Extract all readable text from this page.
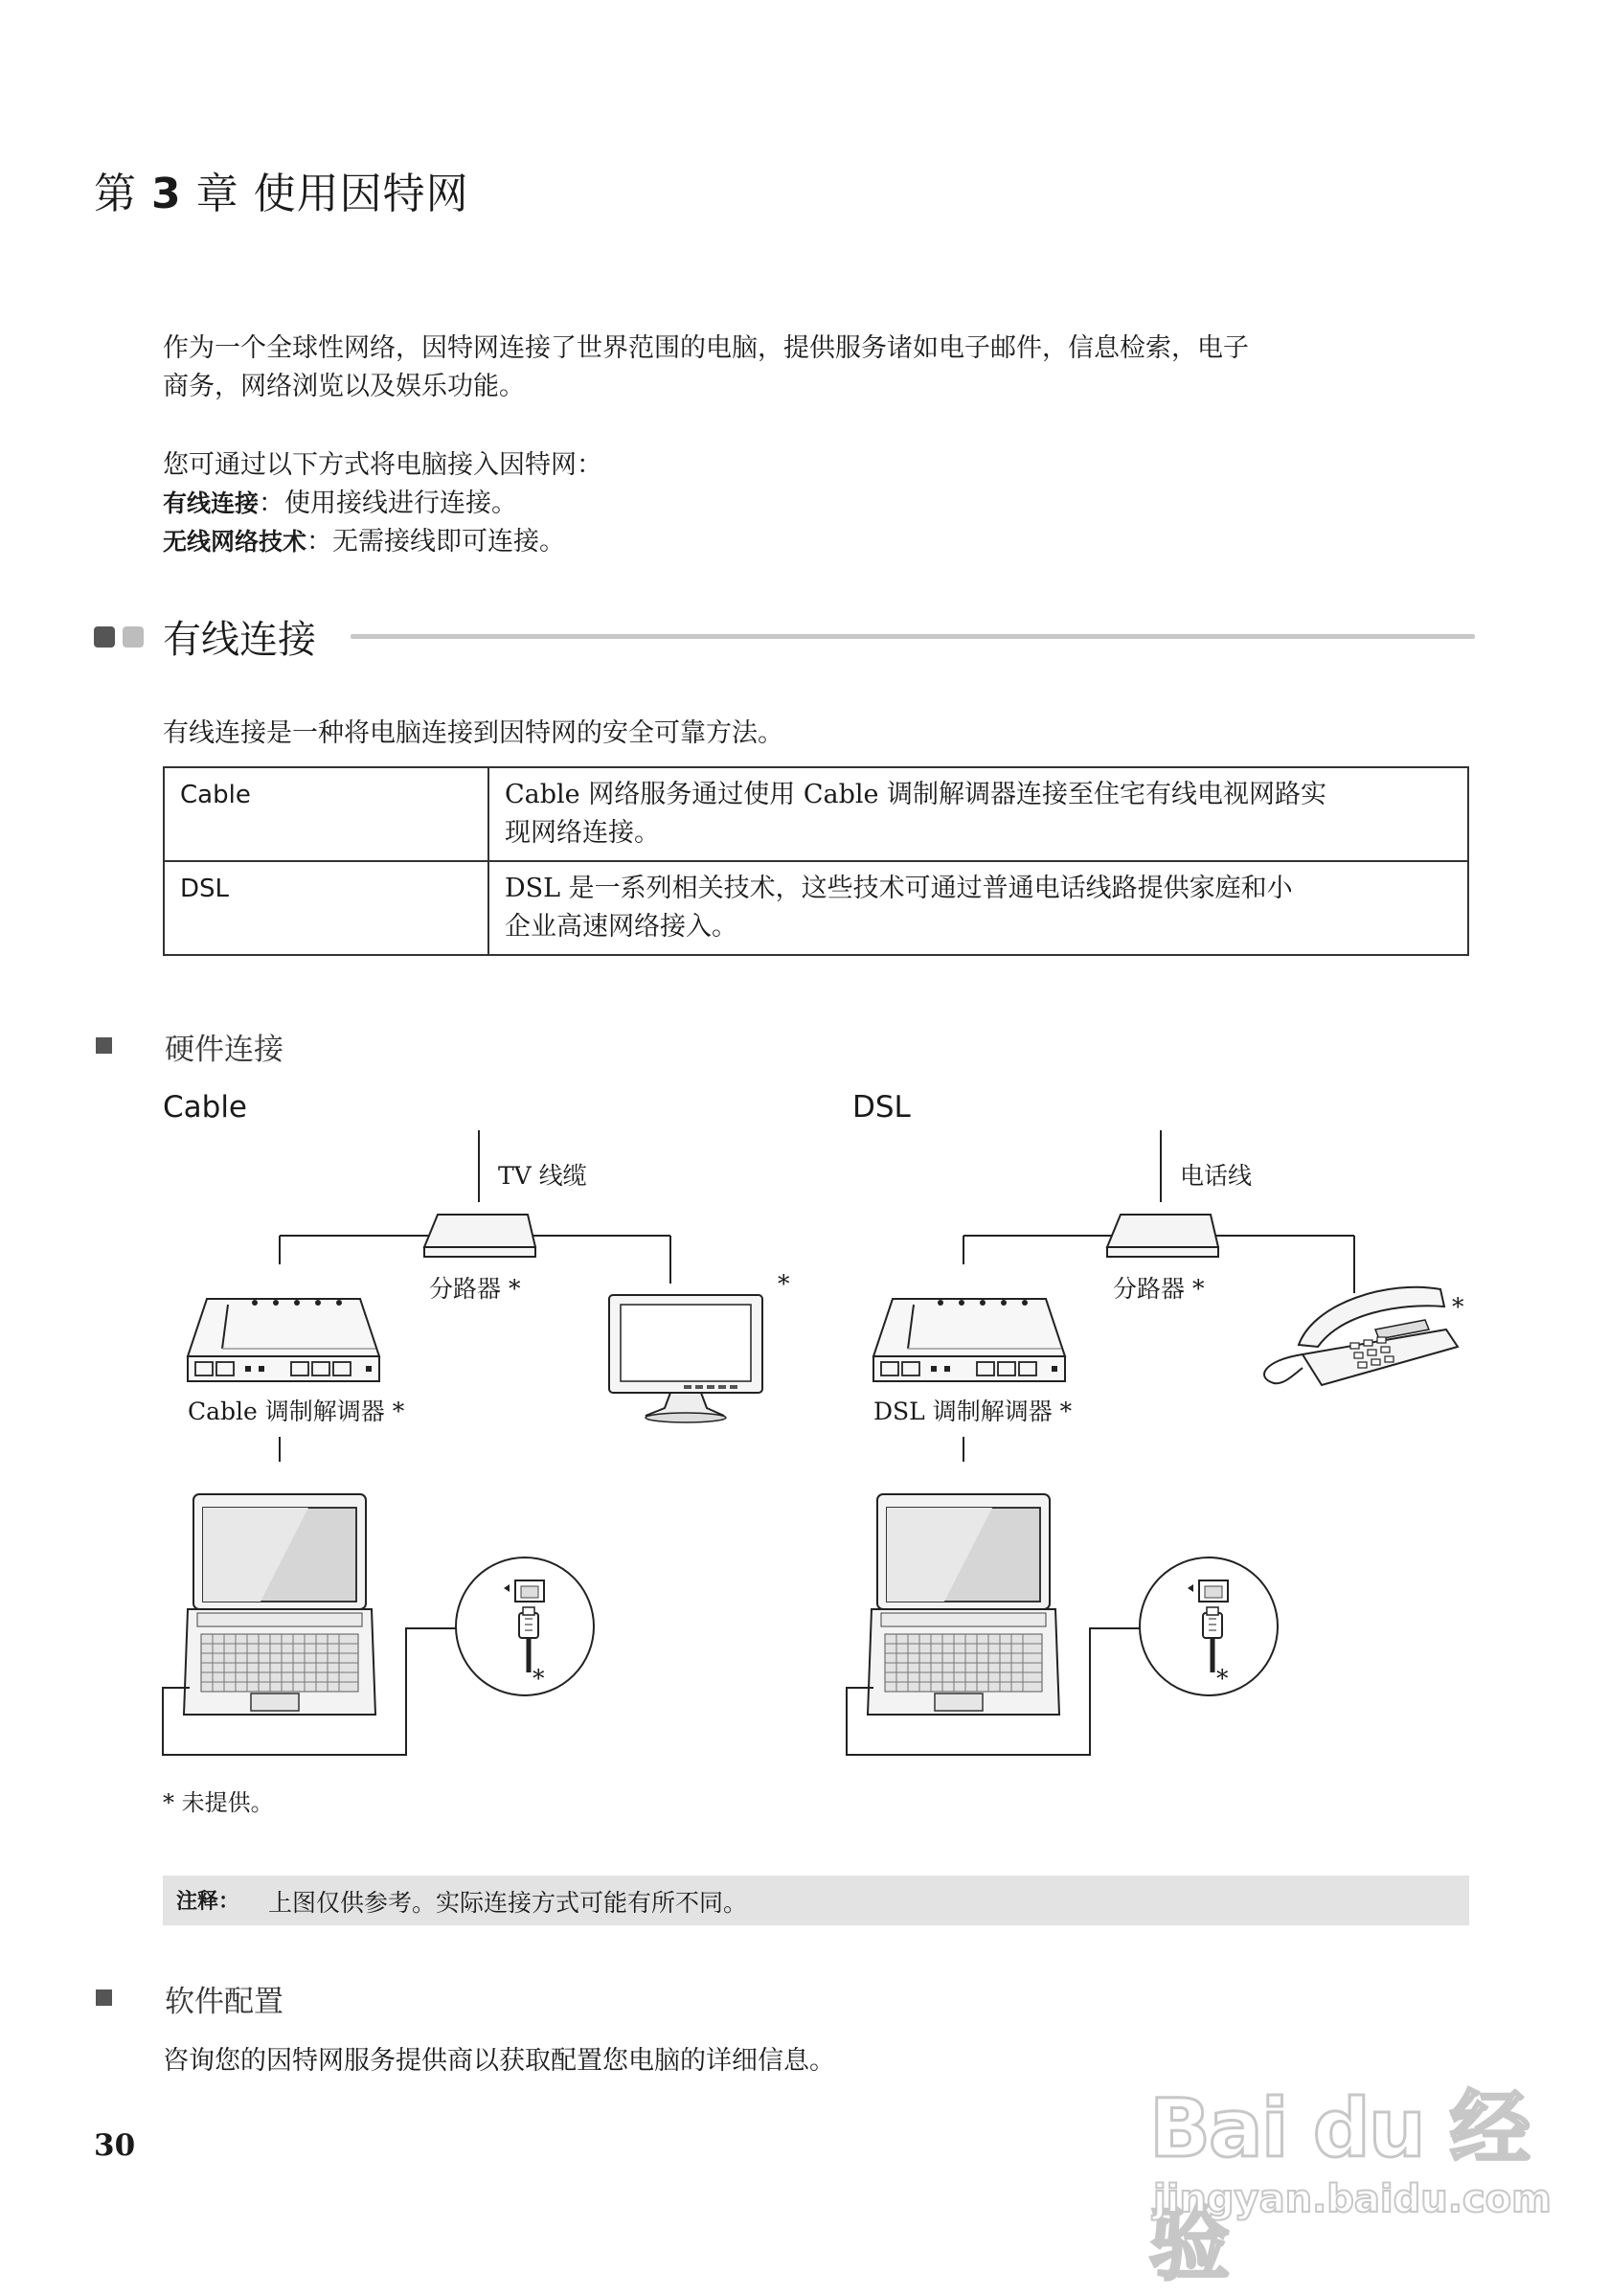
第 3 章 使用因特网
作为一个全球性网络，因特网连接了世界范围的电脑，提供服务诸如电子邮件，信息检索，电子
商务，网络浏览以及娱乐功能。
您可通过以下方式将电脑接入因特网：
有线连接：使用接线进行连接。
无线网络技术：无需接线即可连接。
有线连接
有线连接是一种将电脑连接到因特网的安全可靠方法。
Cable	Cable 网络服务通过使用 Cable 调制解调器连接至住宅有线电视网路实
现网络连接。

DSL	DSL 是一系列相关技术，这些技术可通过普通电话线路提供家庭和小
企业高速网络接入。
硬件连接
Cable	DSL
TV 线缆
分路器 *
Cable 调制解调器 *
*
*
电话线
分路器 *
DSL 调制解调器 *
*
*
* 未提供。
注释： 上图仅供参考。实际连接方式可能有所不同。
软件配置
咨询您的因特网服务提供商以获取配置您电脑的详细信息。
30	Bai du 经验
jingyan.baidu.com
